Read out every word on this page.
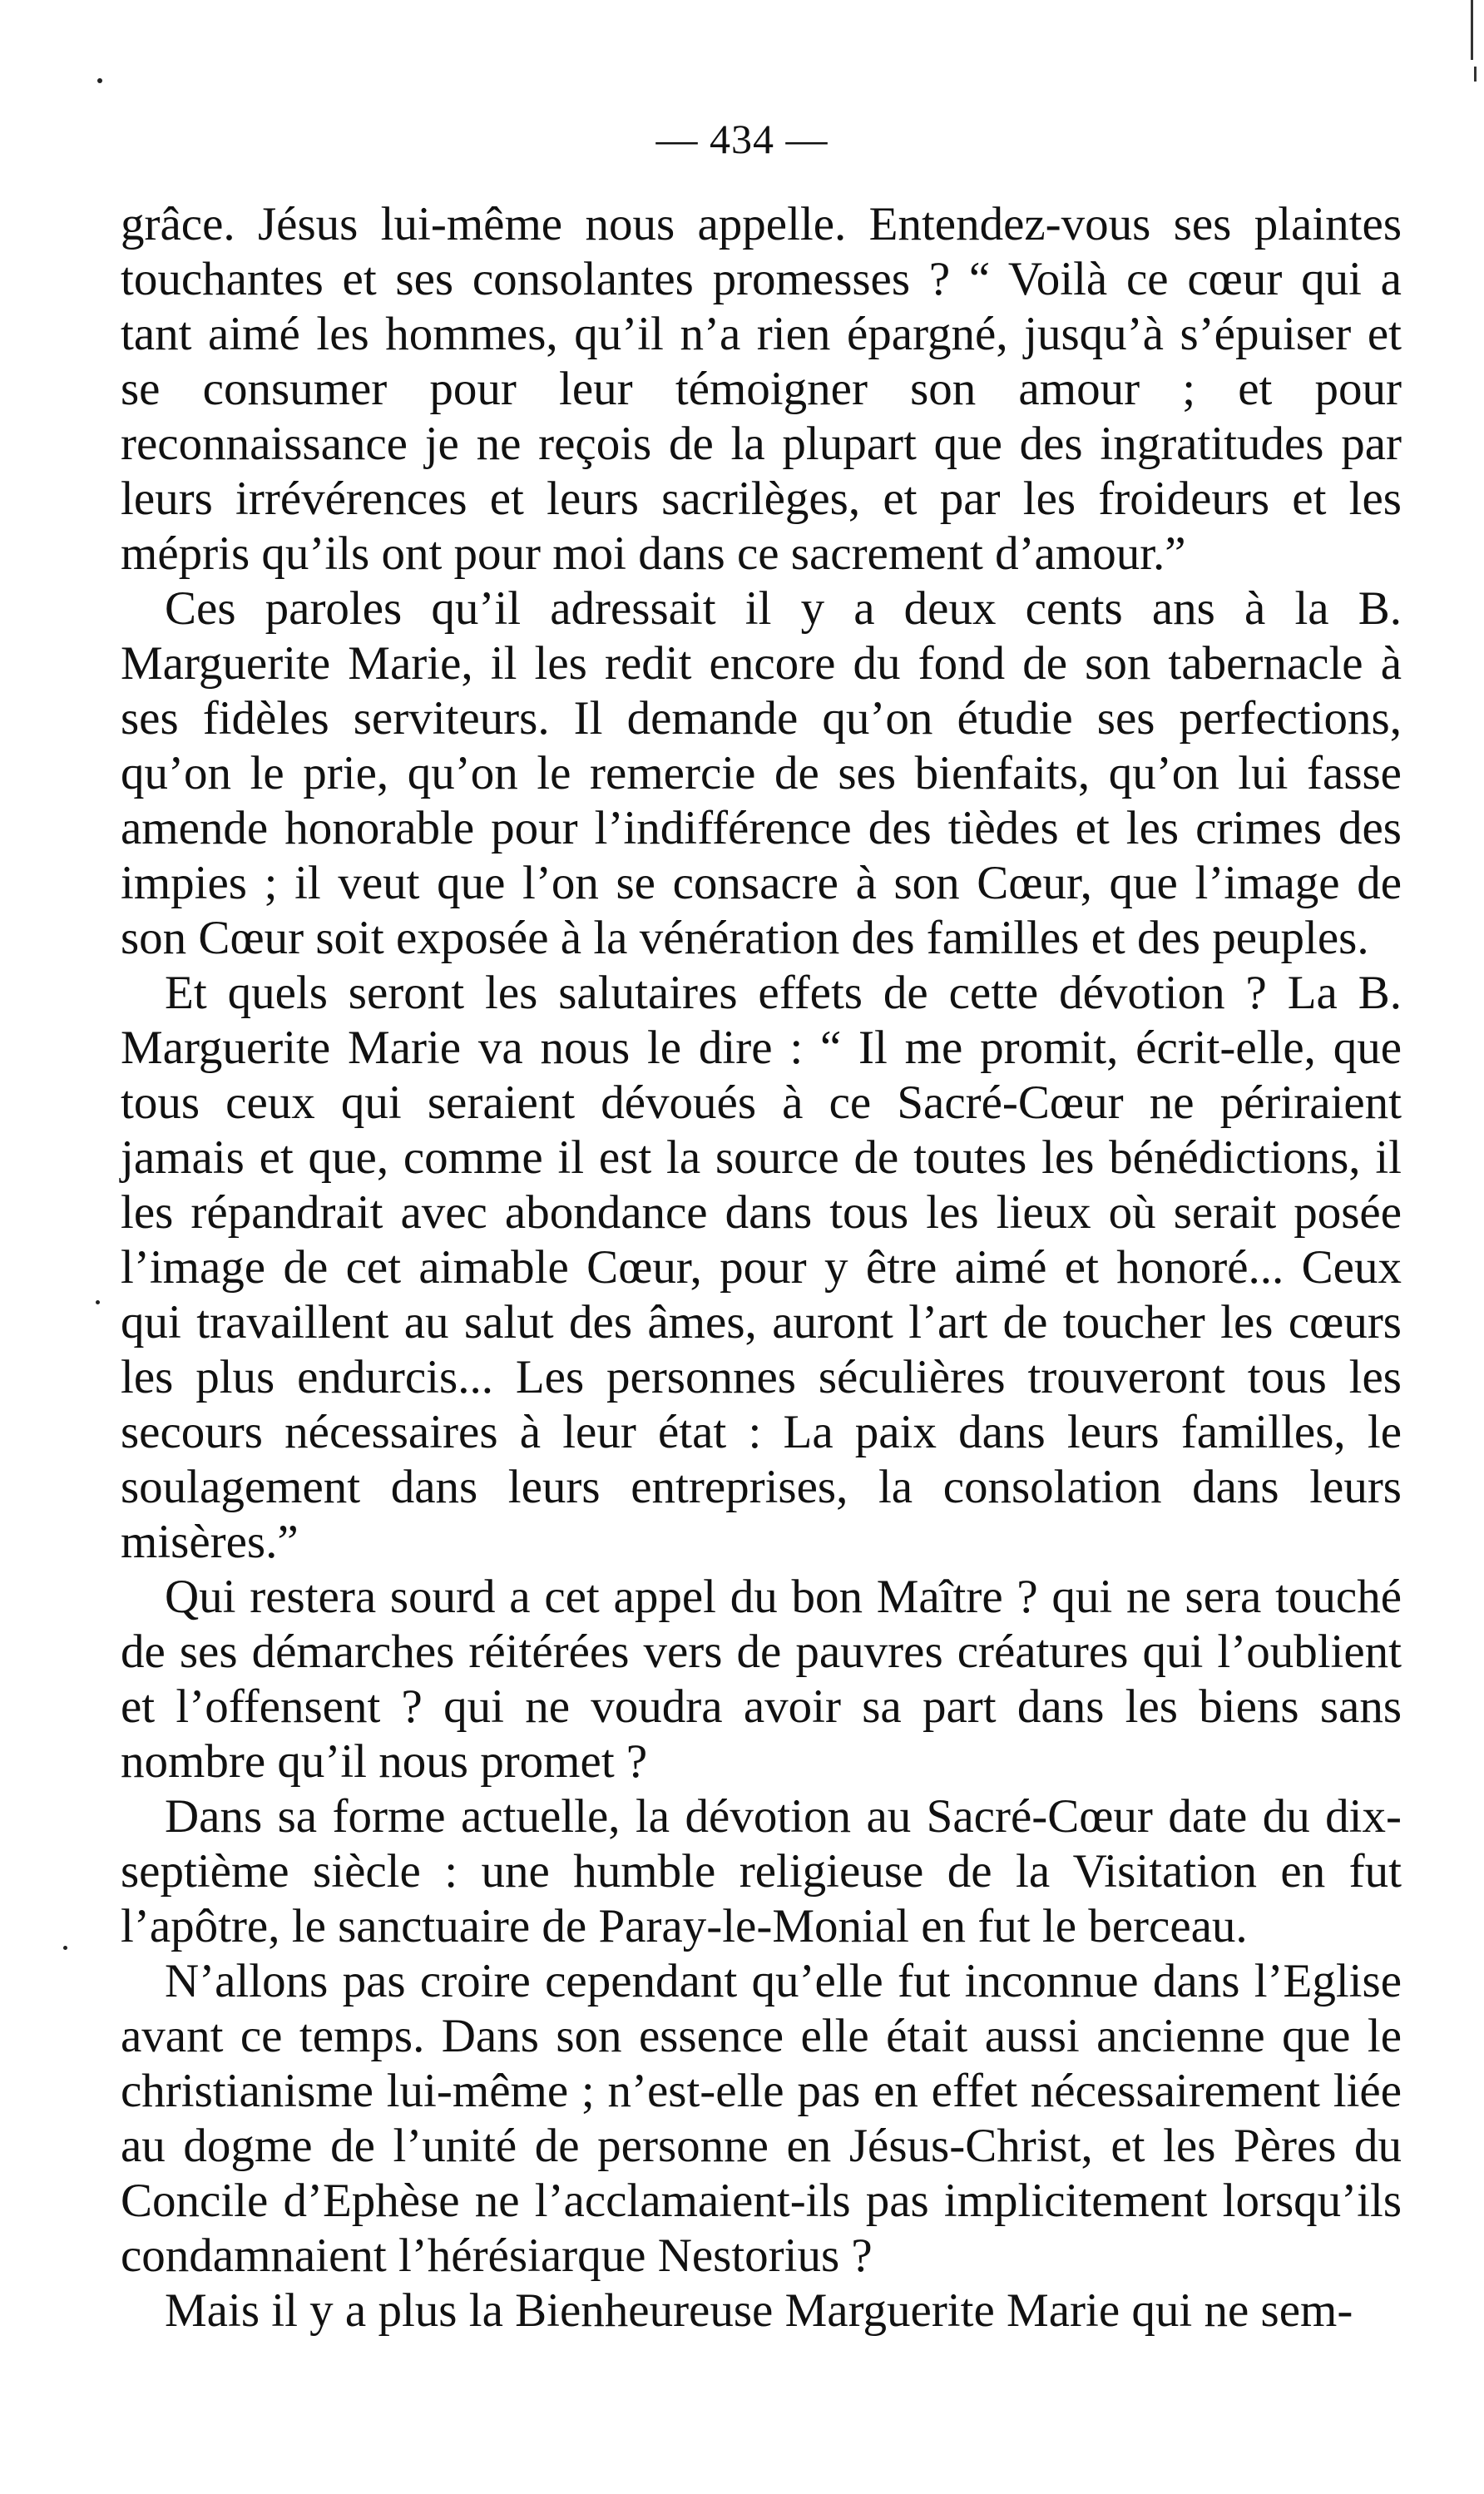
— 434 —

grâce. Jésus lui-même nous appelle. Entendez-vous ses plaintes touchantes et ses consolantes promesses ? “ Voilà ce cœur qui a tant aimé les hommes, qu’il n’a rien épargné, jusqu’à s’épuiser et se consumer pour leur témoigner son amour ; et pour reconnaissance je ne reçois de la plupart que des ingratitudes par leurs irrévérences et leurs sacrilèges, et par les froideurs et les mépris qu’ils ont pour moi dans ce sacrement d’amour.”

Ces paroles qu’il adressait il y a deux cents ans à la B. Marguerite Marie, il les redit encore du fond de son tabernacle à ses fidèles serviteurs. Il demande qu’on étudie ses perfections, qu’on le prie, qu’on le remercie de ses bienfaits, qu’on lui fasse amende honorable pour l’indifférence des tièdes et les crimes des impies ; il veut que l’on se consacre à son Cœur, que l’image de son Cœur soit exposée à la vénération des familles et des peuples.

Et quels seront les salutaires effets de cette dévotion ? La B. Marguerite Marie va nous le dire : “ Il me promit, écrit-elle, que tous ceux qui seraient dévoués à ce Sacré-Cœur ne périraient jamais et que, comme il est la source de toutes les bénédictions, il les répandrait avec abondance dans tous les lieux où serait posée l’image de cet aimable Cœur, pour y être aimé et honoré... Ceux qui travaillent au salut des âmes, auront l’art de toucher les cœurs les plus endurcis... Les personnes séculières trouveront tous les secours nécessaires à leur état : La paix dans leurs familles, le soulagement dans leurs entreprises, la consolation dans leurs misères.”

Qui restera sourd a cet appel du bon Maître ? qui ne sera touché de ses démarches réitérées vers de pauvres créatures qui l’oublient et l’offensent ? qui ne voudra avoir sa part dans les biens sans nombre qu’il nous promet ?

Dans sa forme actuelle, la dévotion au Sacré-Cœur date du dix-septième siècle : une humble religieuse de la Visitation en fut l’apôtre, le sanctuaire de Paray-le-Monial en fut le berceau.

N’allons pas croire cependant qu’elle fut inconnue dans l’Eglise avant ce temps. Dans son essence elle était aussi ancienne que le christianisme lui-même ; n’est-elle pas en effet nécessairement liée au dogme de l’unité de personne en Jésus-Christ, et les Pères du Concile d’Ephèse ne l’acclamaient-ils pas implicitement lorsqu’ils condamnaient l’hérésiarque Nestorius ?

Mais il y a plus la Bienheureuse Marguerite Marie qui ne sem-
